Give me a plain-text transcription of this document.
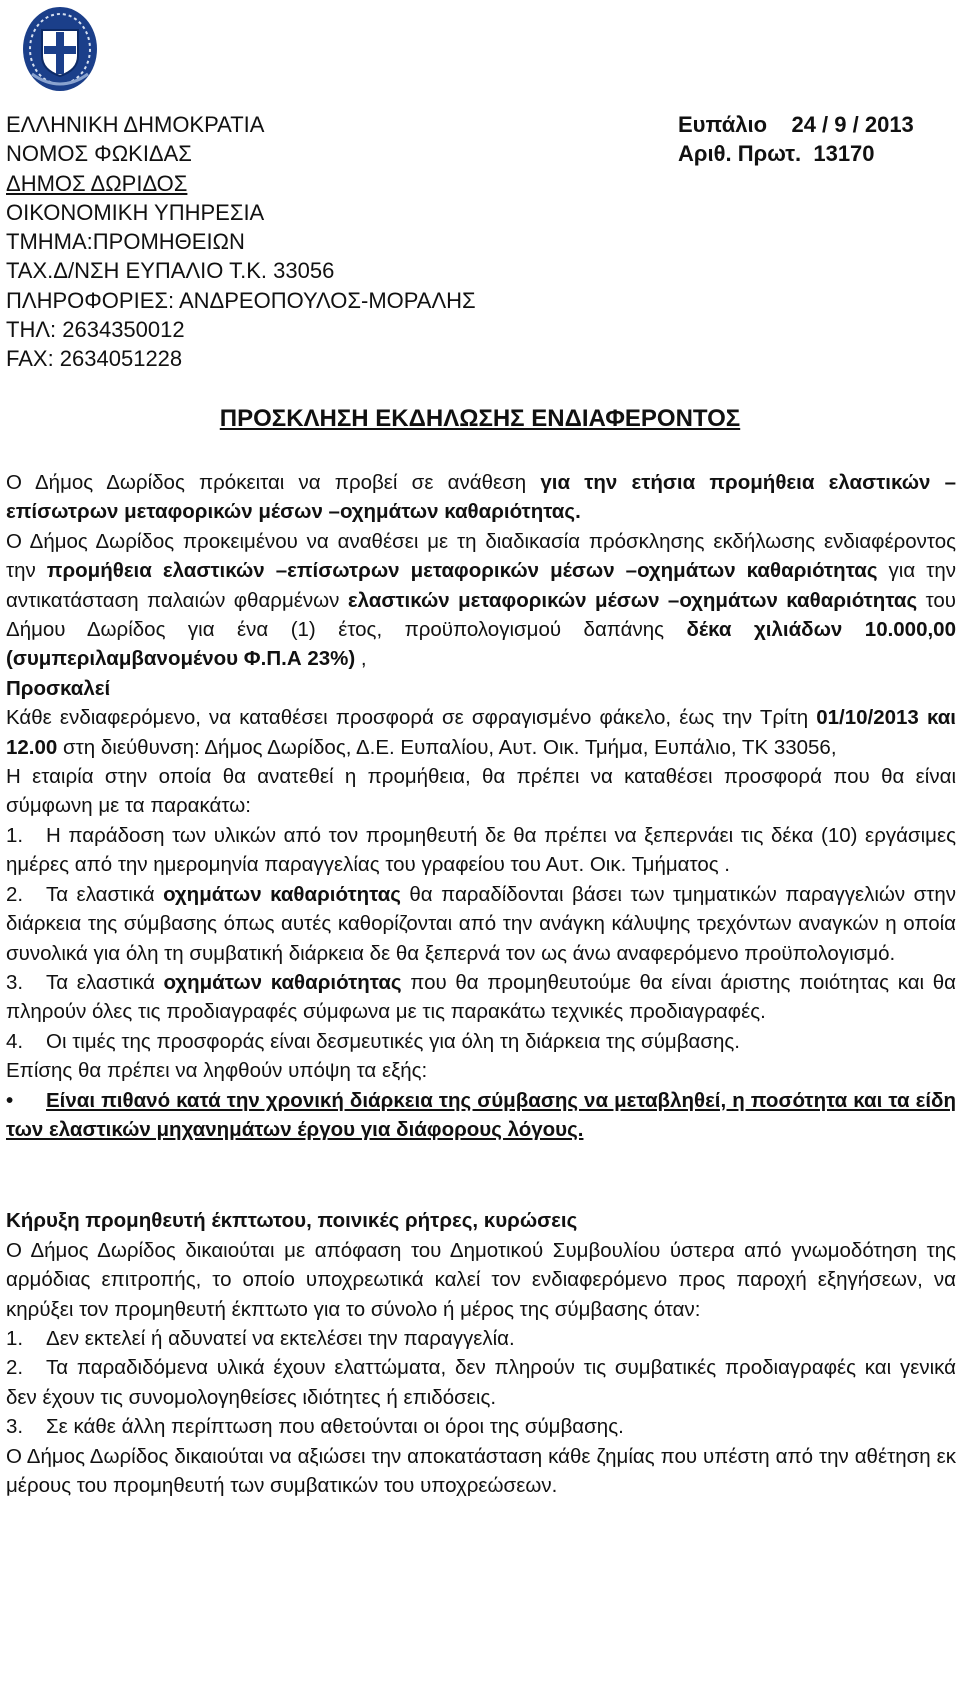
ΕΛΛΗΝΙΚΗ ΔΗΜΟΚΡΑΤΙΑ
ΝΟΜΟΣ ΦΩΚΙΔΑΣ
ΔΗΜΟΣ ΔΩΡΙΔΟΣ
ΟΙΚΟΝΟΜΙΚΗ ΥΠΗΡΕΣΙΑ
ΤΜΗΜΑ:ΠΡΟΜΗΘΕΙΩΝ
ΤΑΧ.Δ/ΝΣΗ ΕΥΠΑΛΙΟ Τ.Κ. 33056
ΠΛΗΡΟΦΟΡΙΕΣ: ΑΝΔΡΕΟΠΟΥΛΟΣ-ΜΟΡΑΛΗΣ
ΤΗΛ: 2634350012
FAX: 2634051228
Ευπάλιο    24 / 9 / 2013
Αριθ. Πρωτ.  13170
ΠΡΟΣΚΛΗΣΗ ΕΚΔΗΛΩΣΗΣ ΕΝΔΙΑΦΕΡΟΝΤΟΣ

Ο Δήμος Δωρίδος πρόκειται να προβεί σε ανάθεση για την ετήσια προμήθεια ελαστικών –επίσωτρων μεταφορικών μέσων –οχημάτων καθαριότητας.

Ο Δήμος Δωρίδος προκειμένου να αναθέσει με τη διαδικασία πρόσκλησης εκδήλωσης ενδιαφέροντος την προμήθεια ελαστικών –επίσωτρων μεταφορικών μέσων –οχημάτων καθαριότητας για την αντικατάσταση παλαιών φθαρμένων ελαστικών μεταφορικών μέσων –οχημάτων καθαριότητας του Δήμου Δωρίδος για ένα (1) έτος, προϋπολογισμού δαπάνης δέκα χιλιάδων 10.000,00 (συμπεριλαμβανομένου Φ.Π.Α 23%) ,

Προσκαλεί

Κάθε ενδιαφερόμενο, να καταθέσει προσφορά σε σφραγισμένο φάκελο, έως την Τρίτη 01/10/2013 και 12.00 στη διεύθυνση: Δήμος Δωρίδος, Δ.Ε. Ευπαλίου, Αυτ. Οικ. Τμήμα, Ευπάλιο, ΤΚ 33056,

Η εταιρία στην οποία θα ανατεθεί η προμήθεια, θα πρέπει να καταθέσει προσφορά που θα είναι σύμφωνη με τα παρακάτω:

1. Η παράδοση των υλικών από τον προμηθευτή δε θα πρέπει να ξεπερνάει τις δέκα (10) εργάσιμες ημέρες από την ημερομηνία παραγγελίας του γραφείου του Αυτ. Οικ. Τμήματος .

2. Τα ελαστικά οχημάτων καθαριότητας θα παραδίδονται βάσει των τμηματικών παραγγελιών στην διάρκεια της σύμβασης όπως αυτές καθορίζονται από την ανάγκη κάλυψης τρεχόντων αναγκών η οποία συνολικά για όλη τη συμβατική διάρκεια δε θα ξεπερνά τον ως άνω αναφερόμενο προϋπολογισμό.

3. Τα ελαστικά οχημάτων καθαριότητας που θα προμηθευτούμε θα είναι άριστης ποιότητας και θα πληρούν όλες τις προδιαγραφές σύμφωνα με τις παρακάτω τεχνικές προδιαγραφές.

4. Οι τιμές της προσφοράς είναι δεσμευτικές για όλη τη διάρκεια της σύμβασης.

Επίσης θα πρέπει να ληφθούν υπόψη τα εξής:

• Είναι πιθανό κατά την χρονική διάρκεια της σύμβασης να μεταβληθεί, η ποσότητα και τα είδη των ελαστικών μηχανημάτων έργου για διάφορους λόγους.

Κήρυξη προμηθευτή έκπτωτου, ποινικές ρήτρες, κυρώσεις

Ο Δήμος Δωρίδος δικαιούται με απόφαση του Δημοτικού Συμβουλίου ύστερα από γνωμοδότηση της αρμόδιας επιτροπής, το οποίο υποχρεωτικά καλεί τον ενδιαφερόμενο προς παροχή εξηγήσεων, να κηρύξει τον προμηθευτή έκπτωτο για το σύνολο ή μέρος της σύμβασης όταν:

1. Δεν εκτελεί ή αδυνατεί να εκτελέσει την παραγγελία.

2. Τα παραδιδόμενα υλικά έχουν ελαττώματα, δεν πληρούν τις συμβατικές προδιαγραφές και γενικά δεν έχουν τις συνομολογηθείσες ιδιότητες ή επιδόσεις.

3. Σε κάθε άλλη περίπτωση που αθετούνται οι όροι της σύμβασης.

Ο Δήμος Δωρίδος δικαιούται να αξιώσει την αποκατάσταση κάθε ζημίας που υπέστη από την αθέτηση εκ μέρους του προμηθευτή των συμβατικών του υποχρεώσεων.
